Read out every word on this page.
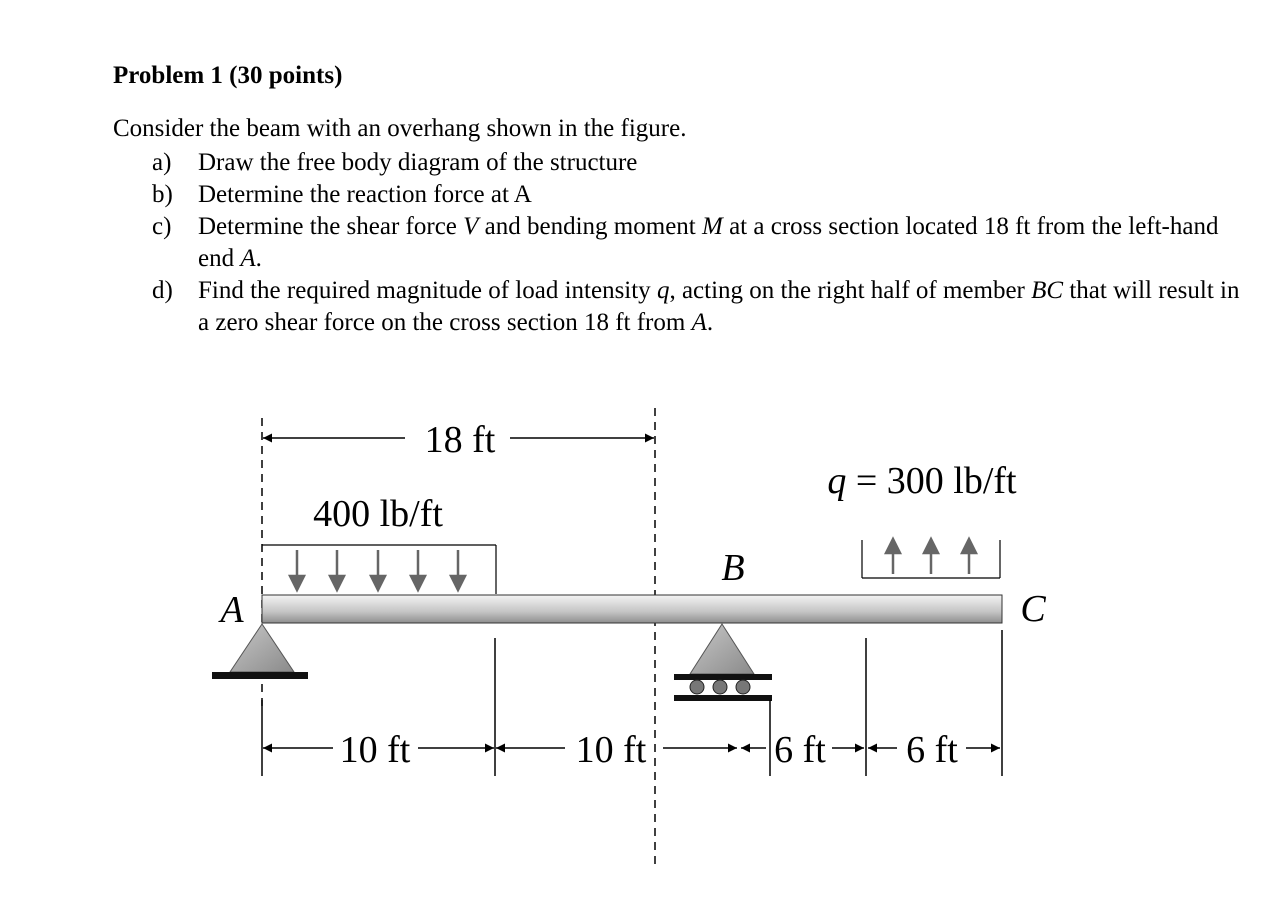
Problem 1 (30 points)
Consider the beam with an overhang shown in the figure.
a) Draw the free body diagram of the structure
b) Determine the reaction force at A
c) Determine the shear force V and bending moment M at a cross section located 18 ft from the left-hand end A.
d) Find the required magnitude of load intensity q, acting on the right half of member BC that will result in a zero shear force on the cross section 18 ft from A.
18 ft
400 lb/ft
q = 300 lb/ft
A
B
C
10 ft	10 ft	6 ft 6 ft
